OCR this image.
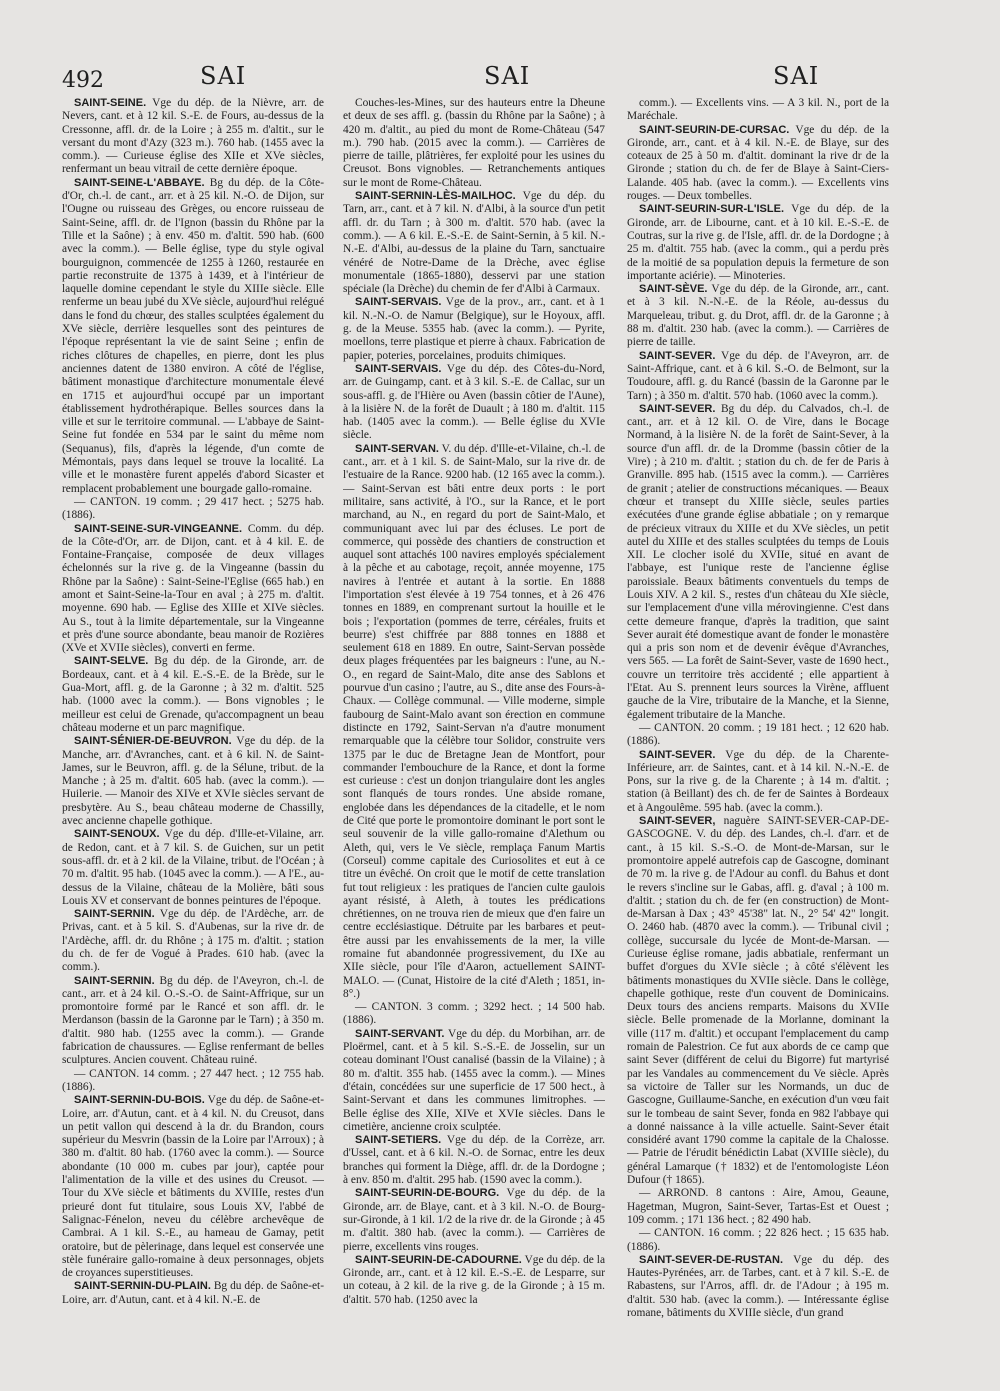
492	SAI	SAI	SAI

SAINT-SEINE. Vge du dép. de la Nièvre, arr. de Nevers, cant. et à 12 kil. S.-E. de Fours, au-dessus de la Cressonne, affl. dr. de la Loire ; à 255 m. d'altit., sur le versant du mont d'Azy (323 m.). 760 hab. (1455 avec la comm.). — Curieuse église des XIIe et XVe siècles, renfermant un beau vitrail de cette dernière époque.

SAINT-SEINE-L'ABBAYE. Bg du dép. de la Côte-d'Or, ch.-l. de cant., arr. et à 25 kil. N.-O. de Dijon, sur l'Ougne ou ruisseau des Grèges, ou encore ruisseau de Saint-Seine, affl. dr. de l'Ignon (bassin du Rhône par la Tille et la Saône) ; à env. 450 m. d'altit. 590 hab. (600 avec la comm.). — Belle église, type du style ogival bourguignon, commencée de 1255 à 1260, restaurée en partie reconstruite de 1375 à 1439, et à l'intérieur de laquelle domine cependant le style du XIIIe siècle. Elle renferme un beau jubé du XVe siècle, aujourd'hui relégué dans le fond du chœur, des stalles sculptées également du XVe siècle, derrière lesquelles sont des peintures de l'époque représentant la vie de saint Seine ; enfin de riches clôtures de chapelles, en pierre, dont les plus anciennes datent de 1380 environ. A côté de l'église, bâtiment monastique d'architecture monumentale élevé en 1715 et aujourd'hui occupé par un important établissement hydrothérapique. Belles sources dans la ville et sur le territoire communal. — L'abbaye de Saint-Seine fut fondée en 534 par le saint du même nom (Sequanus), fils, d'après la légende, d'un comte de Mémontais, pays dans lequel se trouve la localité. La ville et le monastère furent appelés d'abord Sicaster et remplacent probablement une bourgade gallo-romaine.

— CANTON. 19 comm. ; 29 417 hect. ; 5275 hab. (1886).

SAINT-SEINE-SUR-VINGEANNE. Comm. du dép. de la Côte-d'Or, arr. de Dijon, cant. et à 4 kil. E. de Fontaine-Française, composée de deux villages échelonnés sur la rive g. de la Vingeanne (bassin du Rhône par la Saône) : Saint-Seine-l'Eglise (665 hab.) en amont et Saint-Seine-la-Tour en aval ; à 275 m. d'altit. moyenne. 690 hab. — Eglise des XIIIe et XIVe siècles. Au S., tout à la limite départementale, sur la Vingeanne et près d'une source abondante, beau manoir de Rozières (XVe et XVIIe siècles), converti en ferme.

SAINT-SELVE. Bg du dép. de la Gironde, arr. de Bordeaux, cant. et à 4 kil. E.-S.-E. de la Brède, sur le Gua-Mort, affl. g. de la Garonne ; à 32 m. d'altit. 525 hab. (1000 avec la comm.). — Bons vignobles ; le meilleur est celui de Grenade, qu'accompagnent un beau château moderne et un parc magnifique.

SAINT-SÉNIER-DE-BEUVRON. Vge du dép. de la Manche, arr. d'Avranches, cant. et à 6 kil. N. de Saint-James, sur le Beuvron, affl. g. de la Sélune, tribut. de la Manche ; à 25 m. d'altit. 605 hab. (avec la comm.). — Huilerie. — Manoir des XIVe et XVIe siècles servant de presbytère. Au S., beau château moderne de Chassilly, avec ancienne chapelle gothique.

SAINT-SENOUX. Vge du dép. d'Ille-et-Vilaine, arr. de Redon, cant. et à 7 kil. S. de Guichen, sur un petit sous-affl. dr. et à 2 kil. de la Vilaine, tribut. de l'Océan ; à 70 m. d'altit. 95 hab. (1045 avec la comm.). — A l'E., au-dessus de la Vilaine, château de la Molière, bâti sous Louis XV et conservant de bonnes peintures de l'époque.

SAINT-SERNIN. Vge du dép. de l'Ardèche, arr. de Privas, cant. et à 5 kil. S. d'Aubenas, sur la rive dr. de l'Ardèche, affl. dr. du Rhône ; à 175 m. d'altit. ; station du ch. de fer de Vogué à Prades. 610 hab. (avec la comm.).

SAINT-SERNIN. Bg du dép. de l'Aveyron, ch.-l. de cant., arr. et à 24 kil. O.-S.-O. de Saint-Affrique, sur un promontoire formé par le Rancé et son affl. dr. le Merdanson (bassin de la Garonne par le Tarn) ; à 350 m. d'altit. 980 hab. (1255 avec la comm.). — Grande fabrication de chaussures. — Eglise renfermant de belles sculptures. Ancien couvent. Château ruiné.

— CANTON. 14 comm. ; 27 447 hect. ; 12 755 hab. (1886).

SAINT-SERNIN-DU-BOIS. Vge du dép. de Saône-et-Loire, arr. d'Autun, cant. et à 4 kil. N. du Creusot, dans un petit vallon qui descend à la dr. du Brandon, cours supérieur du Mesvrin (bassin de la Loire par l'Arroux) ; à 380 m. d'altit. 80 hab. (1760 avec la comm.). — Source abondante (10 000 m. cubes par jour), captée pour l'alimentation de la ville et des usines du Creusot. — Tour du XVe siècle et bâtiments du XVIIIe, restes d'un prieuré dont fut titulaire, sous Louis XV, l'abbé de Salignac-Fénelon, neveu du célèbre archevêque de Cambrai. A 1 kil. S.-E., au hameau de Gamay, petit oratoire, but de pèlerinage, dans lequel est conservée une stèle funéraire gallo-romaine à deux personnages, objets de croyances superstitieuses.

SAINT-SERNIN-DU-PLAIN. Bg du dép. de Saône-et-Loire, arr. d'Autun, cant. et à 4 kil. N.-E. de

Couches-les-Mines, sur des hauteurs entre la Dheune et deux de ses affl. g. (bassin du Rhône par la Saône) ; à 420 m. d'altit., au pied du mont de Rome-Château (547 m.). 790 hab. (2015 avec la comm.). — Carrières de pierre de taille, plâtrières, fer exploité pour les usines du Creusot. Bons vignobles. — Retranchements antiques sur le mont de Rome-Château.

SAINT-SERNIN-LÈS-MAILHOC. Vge du dép. du Tarn, arr., cant. et à 7 kil. N. d'Albi, à la source d'un petit affl. dr. du Tarn ; à 300 m. d'altit. 570 hab. (avec la comm.). — A 6 kil. E.-S.-E. de Saint-Sernin, à 5 kil. N.-N.-E. d'Albi, au-dessus de la plaine du Tarn, sanctuaire vénéré de Notre-Dame de la Drèche, avec église monumentale (1865-1880), desservi par une station spéciale (la Drèche) du chemin de fer d'Albi à Carmaux.

SAINT-SERVAIS. Vge de la prov., arr., cant. et à 1 kil. N.-N.-O. de Namur (Belgique), sur le Hoyoux, affl. g. de la Meuse. 5355 hab. (avec la comm.). — Pyrite, moellons, terre plastique et pierre à chaux. Fabrication de papier, poteries, porcelaines, produits chimiques.

SAINT-SERVAIS. Vge du dép. des Côtes-du-Nord, arr. de Guingamp, cant. et à 3 kil. S.-E. de Callac, sur un sous-affl. g. de l'Hière ou Aven (bassin côtier de l'Aune), à la lisière N. de la forêt de Duault ; à 180 m. d'altit. 115 hab. (1405 avec la comm.). — Belle église du XVIe siècle.

SAINT-SERVAN. V. du dép. d'Ille-et-Vilaine, ch.-l. de cant., arr. et à 1 kil. S. de Saint-Malo, sur la rive dr. de l'estuaire de la Rance. 9200 hab. (12 165 avec la comm.). — Saint-Servan est bâti entre deux ports : le port militaire, sans activité, à l'O., sur la Rance, et le port marchand, au N., en regard du port de Saint-Malo, et communiquant avec lui par des écluses. Le port de commerce, qui possède des chantiers de construction et auquel sont attachés 100 navires employés spécialement à la pêche et au cabotage, reçoit, année moyenne, 175 navires à l'entrée et autant à la sortie. En 1888 l'importation s'est élevée à 19 754 tonnes, et à 26 476 tonnes en 1889, en comprenant surtout la houille et le bois ; l'exportation (pommes de terre, céréales, fruits et beurre) s'est chiffrée par 888 tonnes en 1888 et seulement 618 en 1889. En outre, Saint-Servan possède deux plages fréquentées par les baigneurs : l'une, au N.-O., en regard de Saint-Malo, dite anse des Sablons et pourvue d'un casino ; l'autre, au S., dite anse des Fours-à-Chaux. — Collège communal. — Ville moderne, simple faubourg de Saint-Malo avant son érection en commune distincte en 1792, Saint-Servan n'a d'autre monument remarquable que la célèbre tour Solidor, construite vers 1375 par le duc de Bretagne Jean de Montfort, pour commander l'embouchure de la Rance, et dont la forme est curieuse : c'est un donjon triangulaire dont les angles sont flanqués de tours rondes. Une abside romane, englobée dans les dépendances de la citadelle, et le nom de Cité que porte le promontoire dominant le port sont le seul souvenir de la ville gallo-romaine d'Alethum ou Aleth, qui, vers le Ve siècle, remplaça Fanum Martis (Corseul) comme capitale des Curiosolites et eut à ce titre un évêché. On croit que le motif de cette translation fut tout religieux : les pratiques de l'ancien culte gaulois ayant résisté, à Aleth, à toutes les prédications chrétiennes, on ne trouva rien de mieux que d'en faire un centre ecclésiastique. Détruite par les barbares et peut-être aussi par les envahissements de la mer, la ville romaine fut abandonnée progressivement, du IXe au XIIe siècle, pour l'île d'Aaron, actuellement SAINT-MALO. — (Cunat, Histoire de la cité d'Aleth ; 1851, in-8°.)

— CANTON. 3 comm. ; 3292 hect. ; 14 500 hab. (1886).

SAINT-SERVANT. Vge du dép. du Morbihan, arr. de Ploërmel, cant. et à 5 kil. S.-S.-E. de Josselin, sur un coteau dominant l'Oust canalisé (bassin de la Vilaine) ; à 80 m. d'altit. 355 hab. (1455 avec la comm.). — Mines d'étain, concédées sur une superficie de 17 500 hect., à Saint-Servant et dans les communes limitrophes. — Belle église des XIIe, XIVe et XVIe siècles. Dans le cimetière, ancienne croix sculptée.

SAINT-SETIERS. Vge du dép. de la Corrèze, arr. d'Ussel, cant. et à 6 kil. N.-O. de Sornac, entre les deux branches qui forment la Diège, affl. dr. de la Dordogne ; à env. 850 m. d'altit. 295 hab. (1590 avec la comm.).

SAINT-SEURIN-DE-BOURG. Vge du dép. de la Gironde, arr. de Blaye, cant. et à 3 kil. N.-O. de Bourg-sur-Gironde, à 1 kil. 1/2 de la rive dr. de la Gironde ; à 45 m. d'altit. 380 hab. (avec la comm.). — Carrières de pierre, excellents vins rouges.

SAINT-SEURIN-DE-CADOURNE. Vge du dép. de la Gironde, arr., cant. et à 12 kil. E.-S.-E. de Lesparre, sur un coteau, à 2 kil. de la rive g. de la Gironde ; à 15 m. d'altit. 570 hab. (1250 avec la

comm.). — Excellents vins. — A 3 kil. N., port de la Maréchale.

SAINT-SEURIN-DE-CURSAC. Vge du dép. de la Gironde, arr., cant. et à 4 kil. N.-E. de Blaye, sur des coteaux de 25 à 50 m. d'altit. dominant la rive dr de la Gironde ; station du ch. de fer de Blaye à Saint-Ciers-Lalande. 405 hab. (avec la comm.). — Excellents vins rouges. — Deux tombelles.

SAINT-SEURIN-SUR-L'ISLE. Vge du dép. de la Gironde, arr. de Libourne, cant. et à 10 kil. E.-S.-E. de Coutras, sur la rive g. de l'Isle, affl. dr. de la Dordogne ; à 25 m. d'altit. 755 hab. (avec la comm., qui a perdu près de la moitié de sa population depuis la fermeture de son importante aciérie). — Minoteries.

SAINT-SÈVE. Vge du dép. de la Gironde, arr., cant. et à 3 kil. N.-N.-E. de la Réole, au-dessus du Marqueleau, tribut. g. du Drot, affl. dr. de la Garonne ; à 88 m. d'altit. 230 hab. (avec la comm.). — Carrières de pierre de taille.

SAINT-SEVER. Vge du dép. de l'Aveyron, arr. de Saint-Affrique, cant. et à 6 kil. S.-O. de Belmont, sur la Toudoure, affl. g. du Rancé (bassin de la Garonne par le Tarn) ; à 350 m. d'altit. 570 hab. (1060 avec la comm.).

SAINT-SEVER. Bg du dép. du Calvados, ch.-l. de cant., arr. et à 12 kil. O. de Vire, dans le Bocage Normand, à la lisière N. de la forêt de Saint-Sever, à la source d'un affl. dr. de la Dromme (bassin côtier de la Vire) ; à 210 m. d'altit. ; station du ch. de fer de Paris à Granville. 895 hab. (1515 avec la comm.). — Carrières de granit ; atelier de constructions mécaniques. — Beaux chœur et transept du XIIIe siècle, seules parties exécutées d'une grande église abbatiale ; on y remarque de précieux vitraux du XIIIe et du XVe siècles, un petit autel du XIIIe et des stalles sculptées du temps de Louis XII. Le clocher isolé du XVIIe, situé en avant de l'abbaye, est l'unique reste de l'ancienne église paroissiale. Beaux bâtiments conventuels du temps de Louis XIV. A 2 kil. S., restes d'un château du XIe siècle, sur l'emplacement d'une villa mérovingienne. C'est dans cette demeure franque, d'après la tradition, que saint Sever aurait été domestique avant de fonder le monastère qui a pris son nom et de devenir évêque d'Avranches, vers 565. — La forêt de Saint-Sever, vaste de 1690 hect., couvre un territoire très accidenté ; elle appartient à l'Etat. Au S. prennent leurs sources la Virène, affluent gauche de la Vire, tributaire de la Manche, et la Sienne, également tributaire de la Manche.

— CANTON. 20 comm. ; 19 181 hect. ; 12 620 hab. (1886).

SAINT-SEVER. Vge du dép. de la Charente-Inférieure, arr. de Saintes, cant. et à 14 kil. N.-N.-E. de Pons, sur la rive g. de la Charente ; à 14 m. d'altit. ; station (à Beillant) des ch. de fer de Saintes à Bordeaux et à Angoulême. 595 hab. (avec la comm.).

SAINT-SEVER, naguère SAINT-SEVER-CAP-DE-GASCOGNE. V. du dép. des Landes, ch.-l. d'arr. et de cant., à 15 kil. S.-S.-O. de Mont-de-Marsan, sur le promontoire appelé autrefois cap de Gascogne, dominant de 70 m. la rive g. de l'Adour au confl. du Bahus et dont le revers s'incline sur le Gabas, affl. g. d'aval ; à 100 m. d'altit. ; station du ch. de fer (en construction) de Mont-de-Marsan à Dax ; 43° 45'38" lat. N., 2° 54' 42" longit. O. 2460 hab. (4870 avec la comm.). — Tribunal civil ; collège, succursale du lycée de Mont-de-Marsan. — Curieuse église romane, jadis abbatiale, renfermant un buffet d'orgues du XVIe siècle ; à côté s'élèvent les bâtiments monastiques du XVIIe siècle. Dans le collège, chapelle gothique, reste d'un couvent de Dominicains. Deux tours des anciens remparts. Maisons du XVIIe siècle. Belle promenade de la Morlanne, dominant la ville (117 m. d'altit.) et occupant l'emplacement du camp romain de Palestrion. Ce fut aux abords de ce camp que saint Sever (différent de celui du Bigorre) fut martyrisé par les Vandales au commencement du Ve siècle. Après sa victoire de Taller sur les Normands, un duc de Gascogne, Guillaume-Sanche, en exécution d'un vœu fait sur le tombeau de saint Sever, fonda en 982 l'abbaye qui a donné naissance à la ville actuelle. Saint-Sever était considéré avant 1790 comme la capitale de la Chalosse. — Patrie de l'érudit bénédictin Labat (XVIIIe siècle), du général Lamarque († 1832) et de l'entomologiste Léon Dufour († 1865).

— ARROND. 8 cantons : Aire, Amou, Geaune, Hagetman, Mugron, Saint-Sever, Tartas-Est et Ouest ; 109 comm. ; 171 136 hect. ; 82 490 hab.

— CANTON. 16 comm. ; 22 826 hect. ; 15 635 hab. (1886).

SAINT-SEVER-DE-RUSTAN. Vge du dép. des Hautes-Pyrénées, arr. de Tarbes, cant. et à 7 kil. S.-E. de Rabastens, sur l'Arros, affl. dr. de l'Adour ; à 195 m. d'altit. 530 hab. (avec la comm.). — Intéressante église romane, bâtiments du XVIIIe siècle, d'un grand
